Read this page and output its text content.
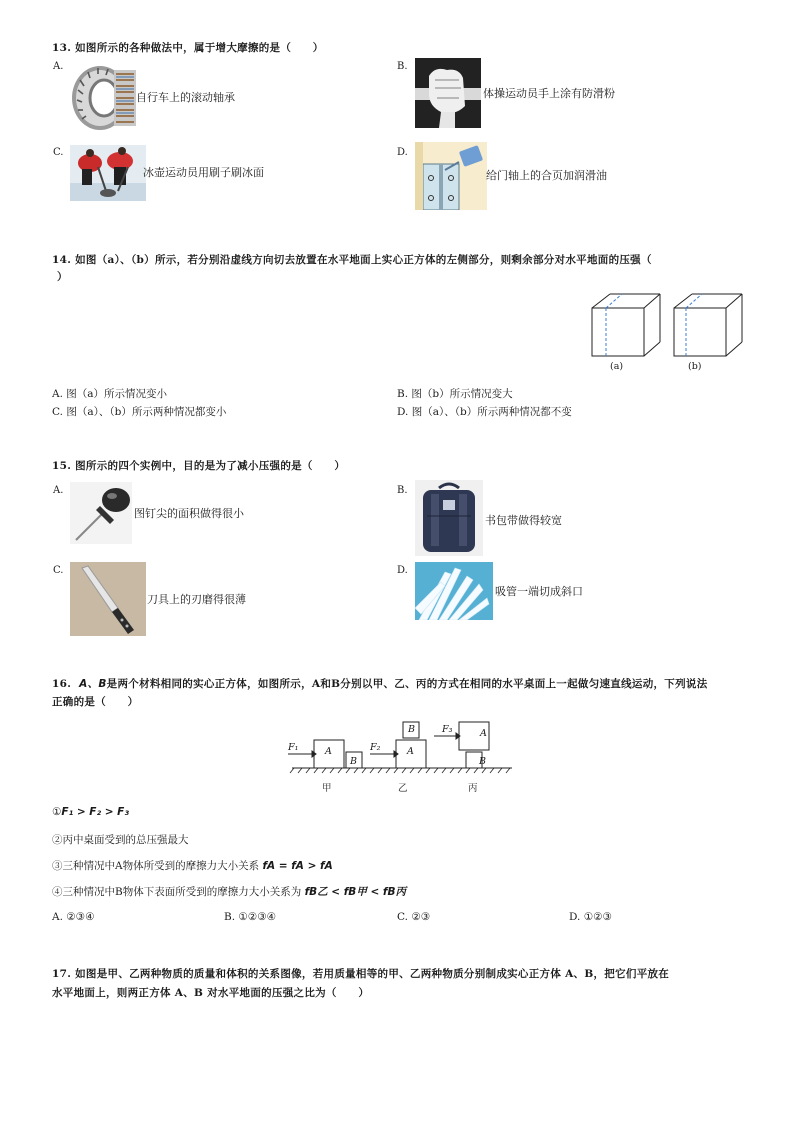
13. 如图所示的各种做法中，属于增大摩擦的是（　　）
A.
自行车上的滚动轴承
B.
体操运动员手上涂有防滑粉
C.
冰壶运动员用刷子刷冰面
D.
给门轴上的合页加润滑油
14. 如图（a）、（b）所示，若分别沿虚线方向切去放置在水平地面上实心正方体的左侧部分，则剩余部分对水平地面的压强（
）
(a)	(b)
A. 图（a）所示情况变小	B. 图（b）所示情况变大
C. 图（a）、（b）所示两种情况都变小	D. 图（a）、（b）所示两种情况都不变
15. 图所示的四个实例中，目的是为了减小压强的是（　　）
A.
图钉尖的面积做得很小
B.
书包带做得较宽
C.
刀具上的刃磨得很薄
D.
吸管一端切成斜口
16. A、B是两个材料相同的实心正方体，如图所示，A和B分别以甲、乙、丙的方式在相同的水平桌面上一起做匀速直线运动，下列说法
正确的是（　　）
A
B
A
B	A
B
F₁	F₂
F₃
甲	乙	丙
①F₁ > F₂ > F₃
②丙中桌面受到的总压强最大
③三种情况中A物体所受到的摩擦力大小关系 fA = fA > fA
④三种情况中B物体下表面所受到的摩擦力大小关系为 fB乙 < fB甲 < fB丙
A. ②③④	B. ①②③④	C. ②③	D. ①②③
17. 如图是甲、乙两种物质的质量和体积的关系图像，若用质量相等的甲、乙两种物质分别制成实心正方体 A、B，把它们平放在
水平地面上，则两正方体 A、B 对水平地面的压强之比为（　　）
